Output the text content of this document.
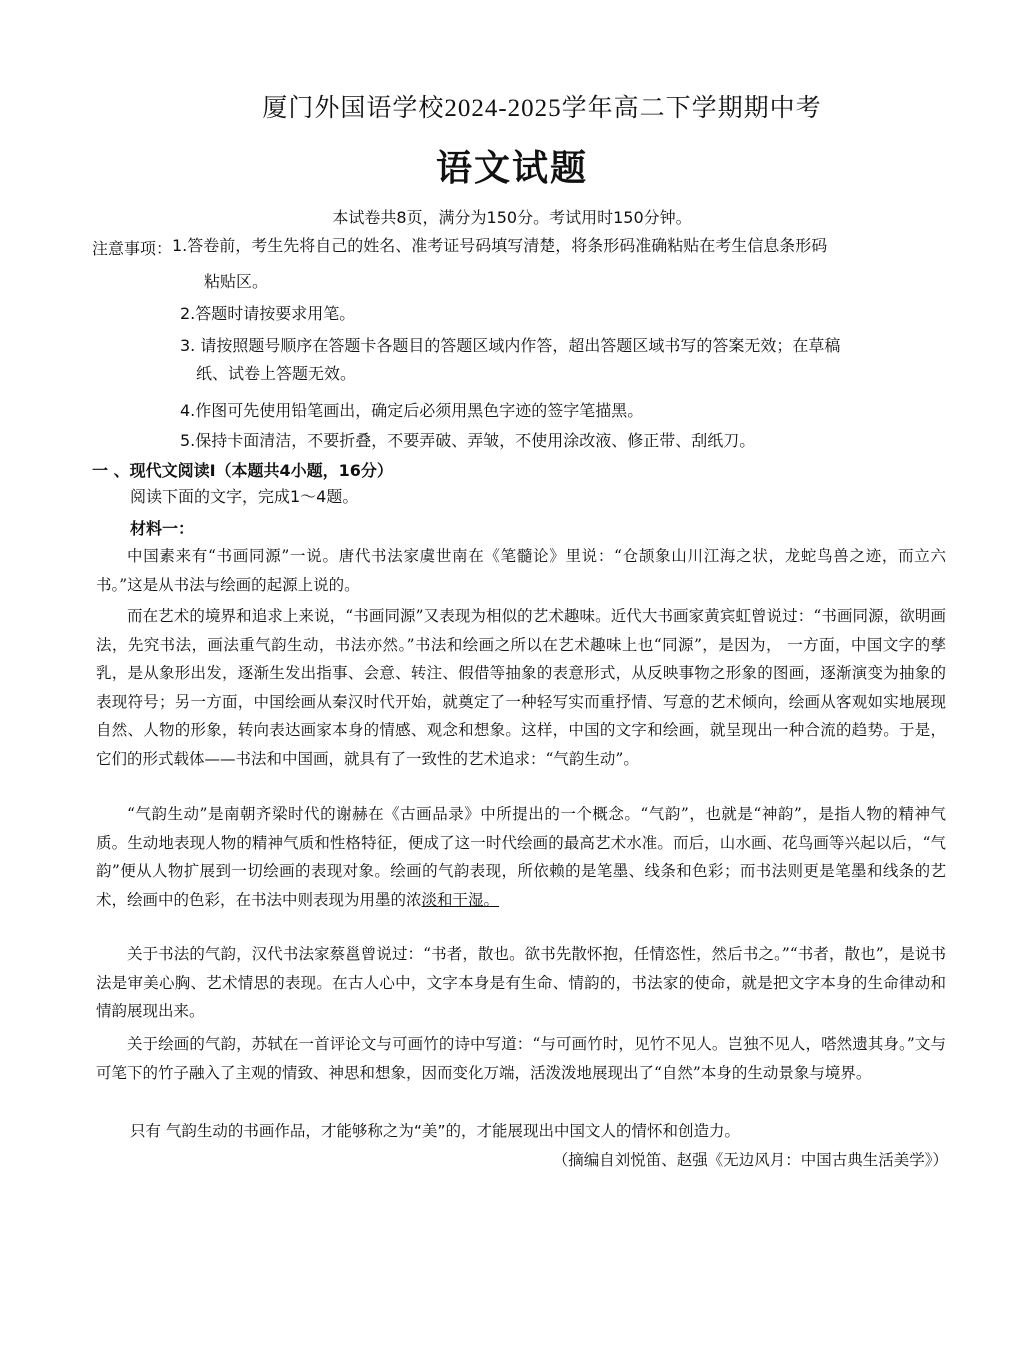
厦门外国语学校2024-2025学年高二下学期期中考
语文试题
本试卷共8页，满分为150分。考试用时150分钟。
注意事项： 1.答卷前，考生先将自己的姓名、准考证号码填写清楚，将条形码准确粘贴在考生信息条形码
粘贴区。
2.答题时请按要求用笔。
3. 请按照题号顺序在答题卡各题目的答题区域内作答，超出答题区域书写的答案无效；在草稿
纸、试卷上答题无效。
4.作图可先使用铅笔画出，确定后必须用黑色字迹的签字笔描黑。
5.保持卡面清洁，不要折叠，不要弄破、弄皱，不使用涂改液、修正带、刮纸刀。
一 、现代文阅读Ⅰ（本题共4小题，16分）
阅读下面的文字，完成1～4题。
材料一：

中国素来有“书画同源”一说。唐代书法家虞世南在《笔髓论》里说：“仓颉象山川江海之状，龙蛇鸟兽之迹，而立六书。”这是从书法与绘画的起源上说的。

而在艺术的境界和追求上来说，“书画同源”又表现为相似的艺术趣味。近代大书画家黄宾虹曾说过：“书画同源，欲明画法，先究书法，画法重气韵生动，书法亦然。”书法和绘画之所以在艺术趣味上也“同源”，是因为， 一方面，中国文字的孳乳，是从象形出发，逐渐生发出指事、会意、转注、假借等抽象的表意形式，从反映事物之形象的图画，逐渐演变为抽象的表现符号；另一方面，中国绘画从秦汉时代开始，就奠定了一种轻写实而重抒情、写意的艺术倾向，绘画从客观如实地展现自然、人物的形象，转向表达画家本身的情感、观念和想象。这样，中国的文字和绘画，就呈现出一种合流的趋势。于是，它们的形式载体——书法和中国画，就具有了一致性的艺术追求：“气韵生动”。

“气韵生动”是南朝齐梁时代的谢赫在《古画品录》中所提出的一个概念。“气韵”，也就是“神韵”，是指人物的精神气质。生动地表现人物的精神气质和性格特征，便成了这一时代绘画的最高艺术水准。而后，山水画、花鸟画等兴起以后，“气韵”便从人物扩展到一切绘画的表现对象。绘画的气韵表现，所依赖的是笔墨、线条和色彩；而书法则更是笔墨和线条的艺术，绘画中的色彩，在书法中则表现为用墨的浓淡和干湿。

关于书法的气韵，汉代书法家蔡邕曾说过：“书者，散也。欲书先散怀抱，任情恣性，然后书之。”“书者，散也”，是说书法是审美心胸、艺术情思的表现。在古人心中，文字本身是有生命、情韵的，书法家的使命，就是把文字本身的生命律动和情韵展现出来。

关于绘画的气韵，苏轼在一首评论文与可画竹的诗中写道：“与可画竹时，见竹不见人。岂独不见人，嗒然遗其身。”文与可笔下的竹子融入了主观的情致、神思和想象，因而变化万端，活泼泼地展现出了“自然”本身的生动景象与境界。

只有 气韵生动的书画作品，才能够称之为“美”的，才能展现出中国文人的情怀和创造力。

（摘编自刘悦笛、赵强《无边风月：中国古典生活美学》）
